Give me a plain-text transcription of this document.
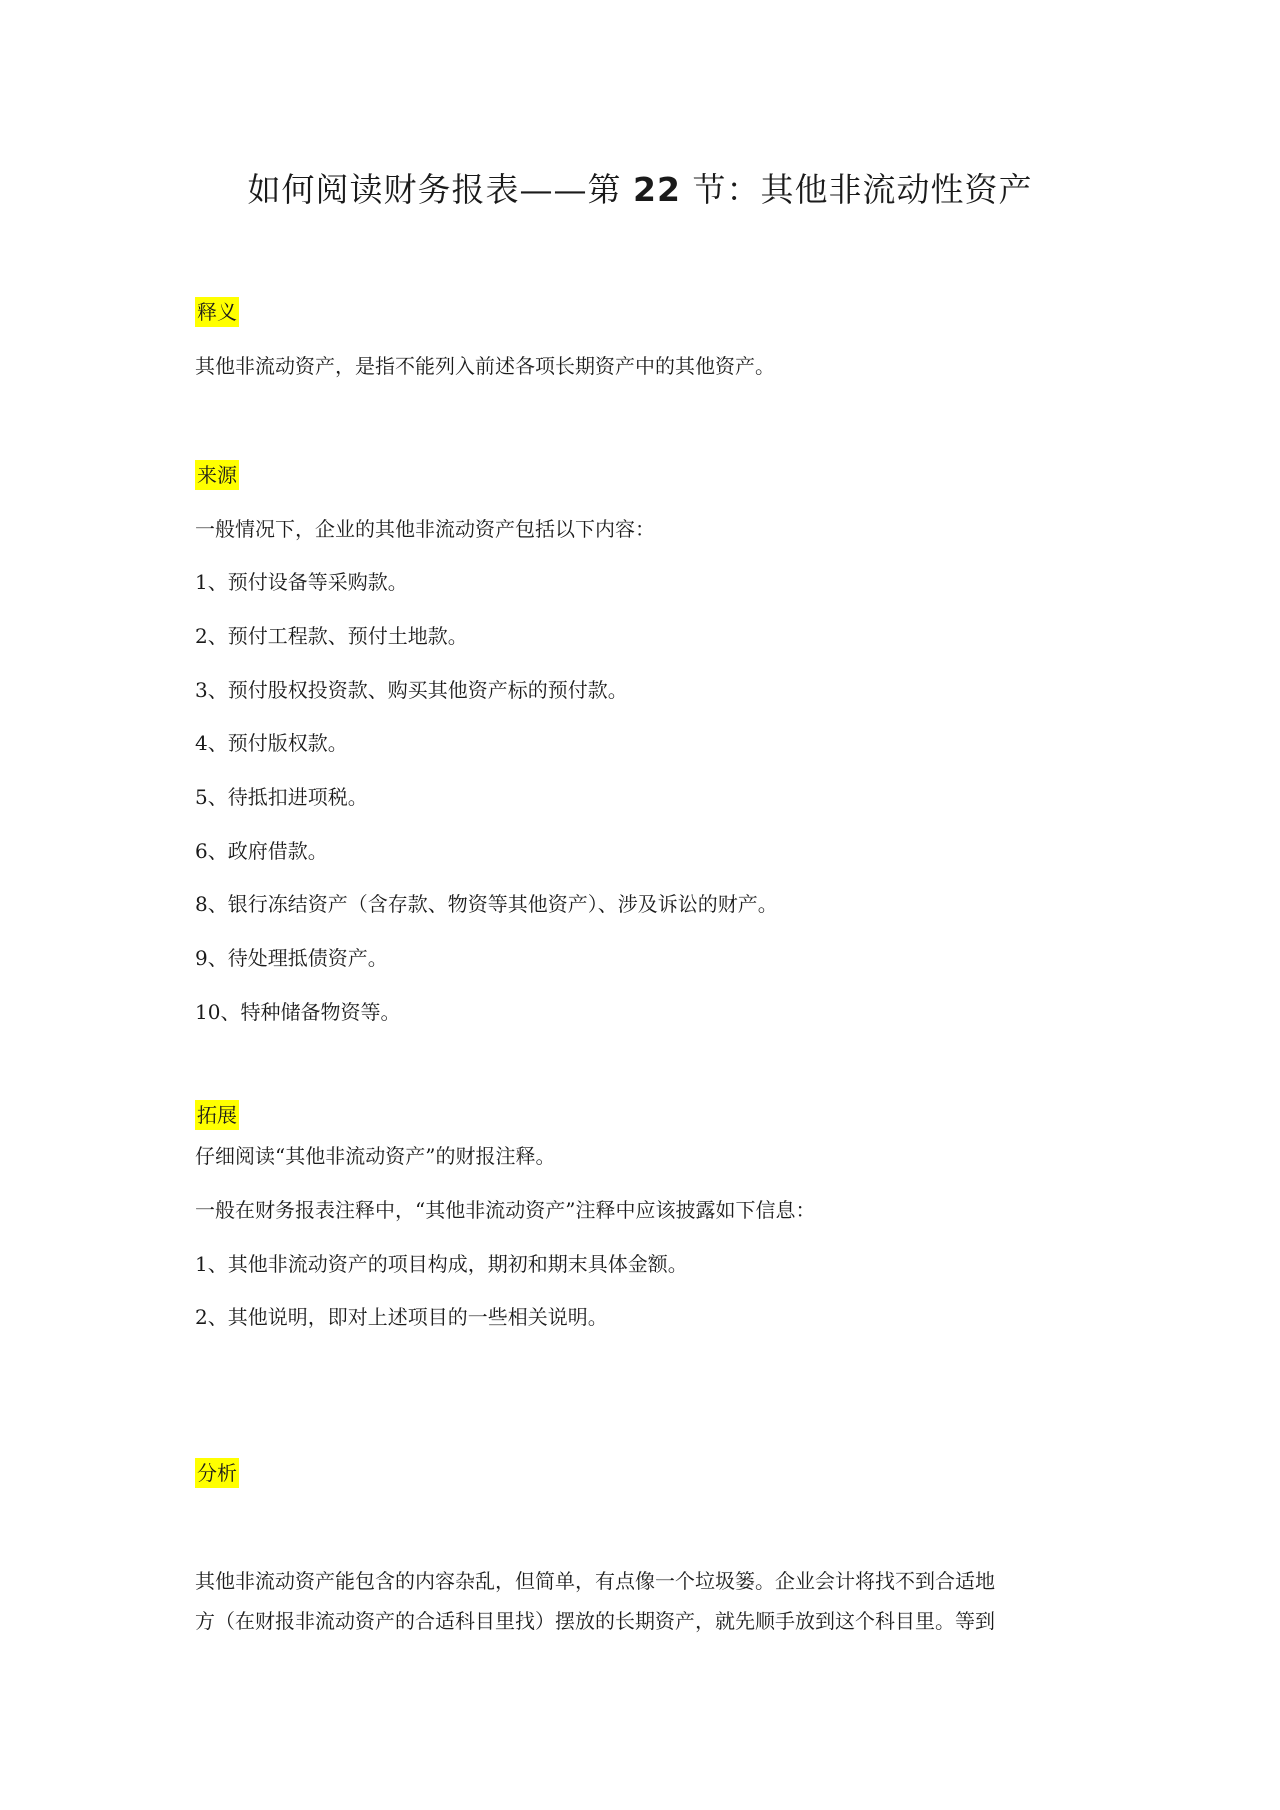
如何阅读财务报表——第 22 节：其他非流动性资产
释义
其他非流动资产，是指不能列入前述各项长期资产中的其他资产。
来源
一般情况下，企业的其他非流动资产包括以下内容：
1、预付设备等采购款。
2、预付工程款、预付土地款。
3、预付股权投资款、购买其他资产标的预付款。
4、预付版权款。
5、待抵扣进项税。
6、政府借款。
8、银行冻结资产（含存款、物资等其他资产）、涉及诉讼的财产。
9、待处理抵债资产。
10、特种储备物资等。
拓展
仔细阅读“其他非流动资产”的财报注释。
一般在财务报表注释中，“其他非流动资产”注释中应该披露如下信息：
1、其他非流动资产的项目构成，期初和期末具体金额。
2、其他说明，即对上述项目的一些相关说明。
分析
其他非流动资产能包含的内容杂乱，但简单，有点像一个垃圾篓。企业会计将找不到合适地
方（在财报非流动资产的合适科目里找）摆放的长期资产，就先顺手放到这个科目里。等到
